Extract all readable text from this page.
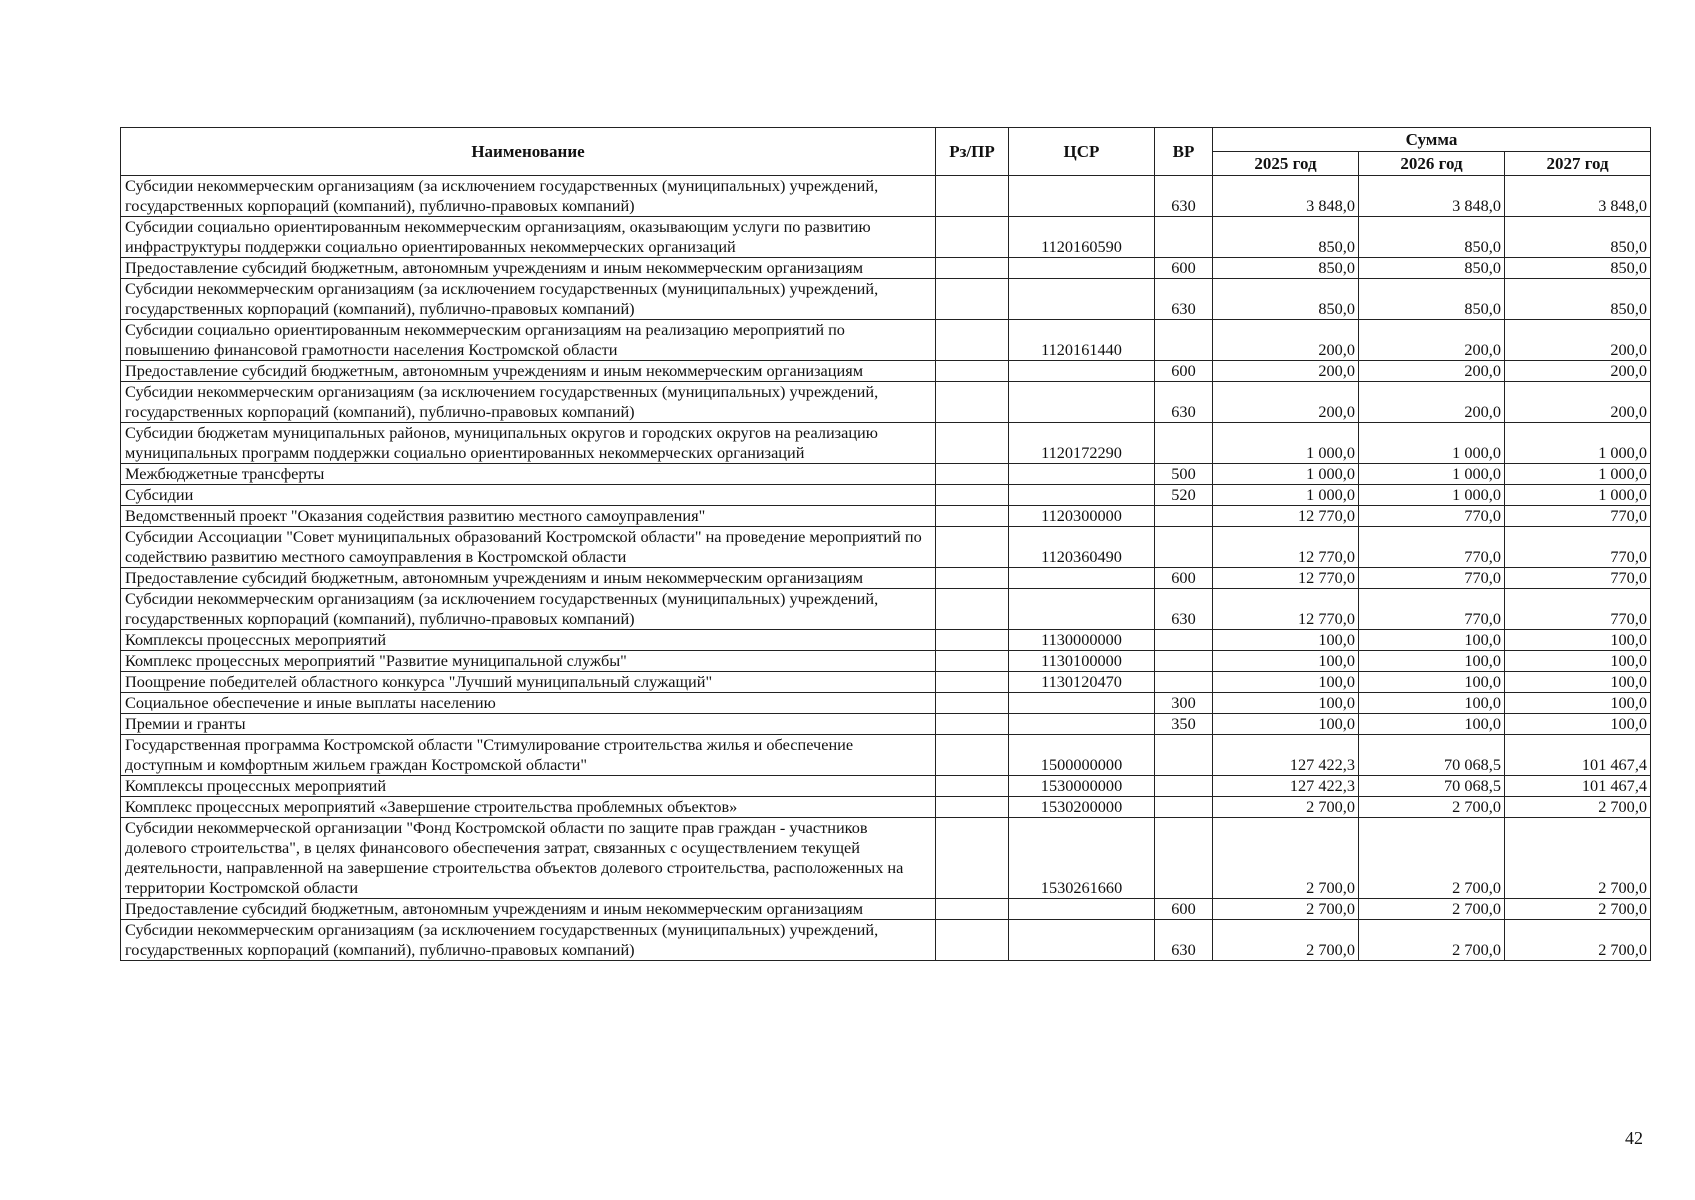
Наименование	Рз/ПР	ЦСР	ВР	Сумма		
				2025 год	2026 год	2027 год
Субсидии некоммерческим организациям (за исключением государственных (муниципальных) учреждений, государственных корпораций (компаний), публично-правовых компаний)			630	3 848,0	3 848,0	3 848,0
Субсидии социально ориентированным некоммерческим организациям, оказывающим услуги по развитию инфраструктуры поддержки социально ориентированных некоммерческих организаций		1120160590		850,0	850,0	850,0
Предоставление субсидий бюджетным, автономным учреждениям и иным некоммерческим организациям			600	850,0	850,0	850,0
Субсидии некоммерческим организациям (за исключением государственных (муниципальных) учреждений, государственных корпораций (компаний), публично-правовых компаний)			630	850,0	850,0	850,0
Субсидии социально ориентированным некоммерческим организациям на реализацию мероприятий по повышению финансовой грамотности населения Костромской области		1120161440		200,0	200,0	200,0
Предоставление субсидий бюджетным, автономным учреждениям и иным некоммерческим организациям			600	200,0	200,0	200,0
Субсидии некоммерческим организациям (за исключением государственных (муниципальных) учреждений, государственных корпораций (компаний), публично-правовых компаний)			630	200,0	200,0	200,0
Субсидии бюджетам муниципальных районов, муниципальных округов и городских округов на реализацию муниципальных программ поддержки социально ориентированных некоммерческих организаций		1120172290		1 000,0	1 000,0	1 000,0
Межбюджетные трансферты			500	1 000,0	1 000,0	1 000,0
Субсидии			520	1 000,0	1 000,0	1 000,0
Ведомственный проект "Оказания содействия развитию местного самоуправления"		1120300000		12 770,0	770,0	770,0
Субсидии Ассоциации "Совет муниципальных образований Костромской области" на проведение мероприятий по содействию развитию местного самоуправления в Костромской области		1120360490		12 770,0	770,0	770,0
Предоставление субсидий бюджетным, автономным учреждениям и иным некоммерческим организациям			600	12 770,0	770,0	770,0
Субсидии некоммерческим организациям (за исключением государственных (муниципальных) учреждений, государственных корпораций (компаний), публично-правовых компаний)			630	12 770,0	770,0	770,0
Комплексы процессных мероприятий		1130000000		100,0	100,0	100,0
Комплекс процессных мероприятий "Развитие муниципальной службы"		1130100000		100,0	100,0	100,0
Поощрение победителей областного конкурса "Лучший муниципальный служащий"		1130120470		100,0	100,0	100,0
Социальное обеспечение и иные выплаты населению			300	100,0	100,0	100,0
Премии и гранты			350	100,0	100,0	100,0
Государственная программа Костромской области "Стимулирование строительства жилья и обеспечение доступным и комфортным жильем граждан Костромской области"		1500000000		127 422,3	70 068,5	101 467,4
Комплексы процессных мероприятий		1530000000		127 422,3	70 068,5	101 467,4
Комплекс процессных мероприятий «Завершение строительства проблемных объектов»		1530200000		2 700,0	2 700,0	2 700,0
Субсидии некоммерческой организации "Фонд Костромской области по защите прав граждан - участников долевого строительства", в целях финансового обеспечения затрат, связанных с осуществлением текущей деятельности, направленной на завершение строительства объектов долевого строительства, расположенных на территории Костромской области		1530261660		2 700,0	2 700,0	2 700,0
Предоставление субсидий бюджетным, автономным учреждениям и иным некоммерческим организациям			600	2 700,0	2 700,0	2 700,0
Субсидии некоммерческим организациям (за исключением государственных (муниципальных) учреждений, государственных корпораций (компаний), публично-правовых компаний)			630	2 700,0	2 700,0	2 700,0
42
